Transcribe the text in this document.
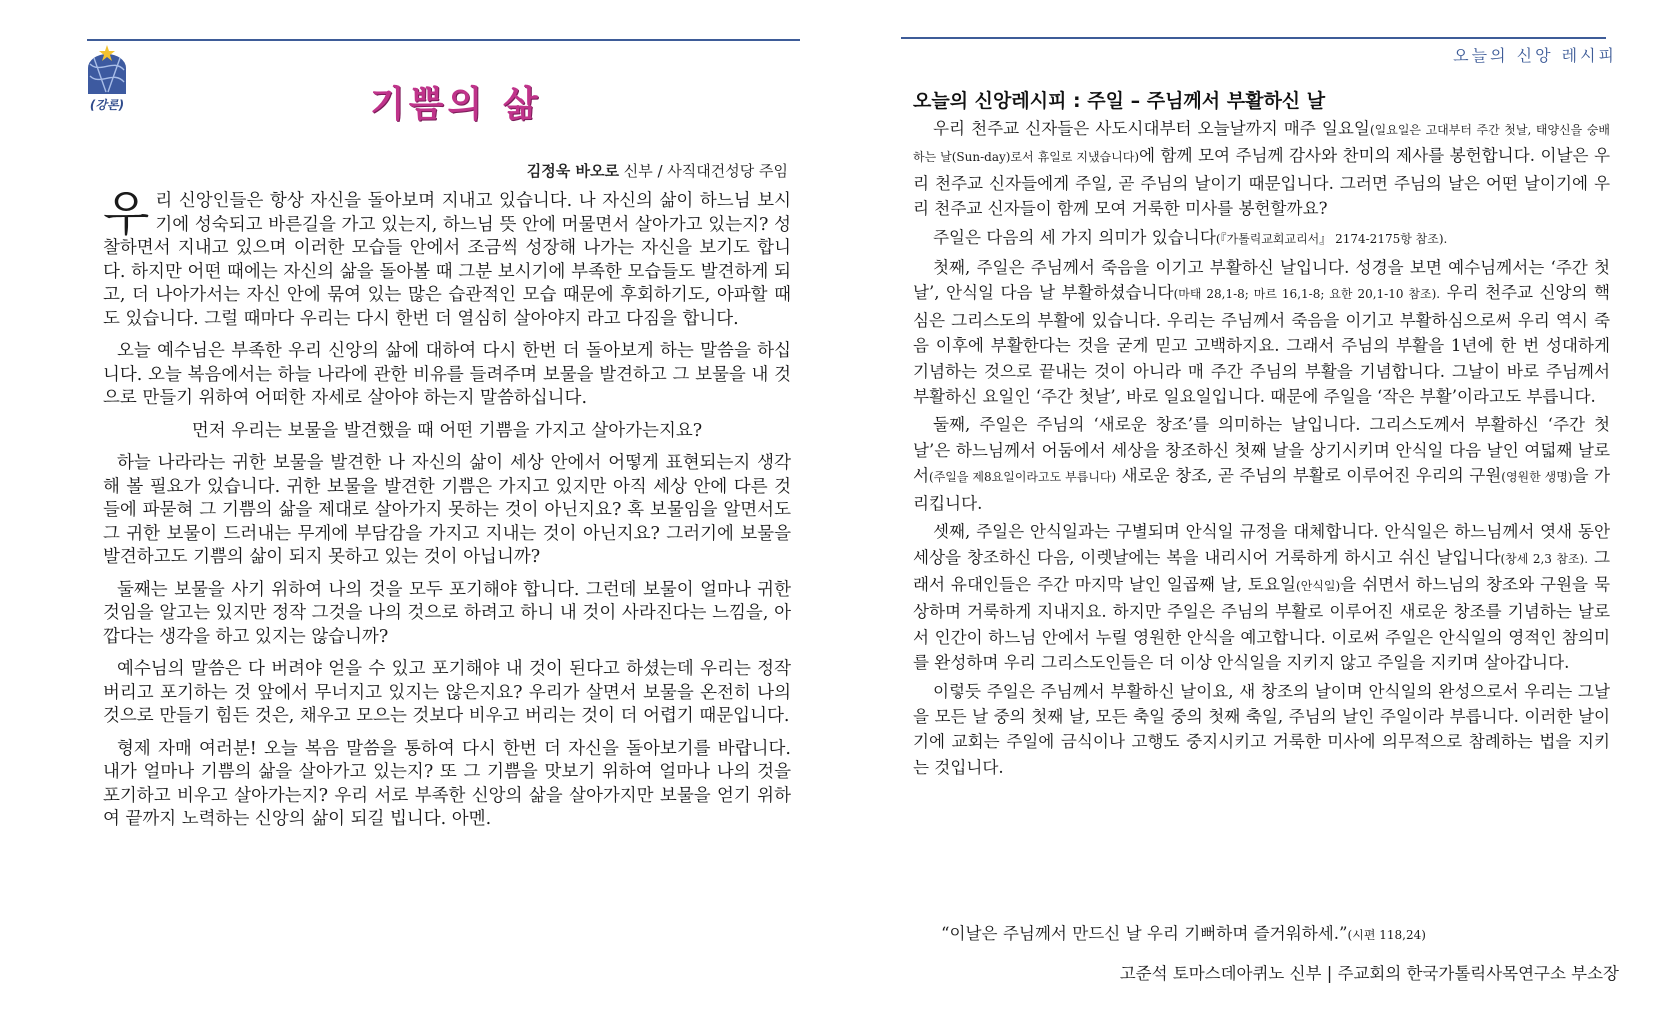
(강론)	기쁨의 삶
김정욱 바오로 신부 / 사직대건성당 주임

우리 신앙인들은 항상 자신을 돌아보며 지내고 있습니다. 나 자신의 삶이 하느님 보시기에 성숙되고 바른길을 가고 있는지, 하느님 뜻 안에 머물면서 살아가고 있는지? 성찰하면서 지내고 있으며 이러한 모습들 안에서 조금씩 성장해 나가는 자신을 보기도 합니다. 하지만 어떤 때에는 자신의 삶을 돌아볼 때 그분 보시기에 부족한 모습들도 발견하게 되고, 더 나아가서는 자신 안에 묶여 있는 많은 습관적인 모습 때문에 후회하기도, 아파할 때도 있습니다. 그럴 때마다 우리는 다시 한번 더 열심히 살아야지 라고 다짐을 합니다.

오늘 예수님은 부족한 우리 신앙의 삶에 대하여 다시 한번 더 돌아보게 하는 말씀을 하십니다. 오늘 복음에서는 하늘 나라에 관한 비유를 들려주며 보물을 발견하고 그 보물을 내 것으로 만들기 위하여 어떠한 자세로 살아야 하는지 말씀하십니다.

먼저 우리는 보물을 발견했을 때 어떤 기쁨을 가지고 살아가는지요?

하늘 나라라는 귀한 보물을 발견한 나 자신의 삶이 세상 안에서 어떻게 표현되는지 생각해 볼 필요가 있습니다. 귀한 보물을 발견한 기쁨은 가지고 있지만 아직 세상 안에 다른 것들에 파묻혀 그 기쁨의 삶을 제대로 살아가지 못하는 것이 아닌지요? 혹 보물임을 알면서도 그 귀한 보물이 드러내는 무게에 부담감을 가지고 지내는 것이 아닌지요? 그러기에 보물을 발견하고도 기쁨의 삶이 되지 못하고 있는 것이 아닙니까?

둘째는 보물을 사기 위하여 나의 것을 모두 포기해야 합니다. 그런데 보물이 얼마나 귀한 것임을 알고는 있지만 정작 그것을 나의 것으로 하려고 하니 내 것이 사라진다는 느낌을, 아깝다는 생각을 하고 있지는 않습니까?

예수님의 말씀은 다 버려야 얻을 수 있고 포기해야 내 것이 된다고 하셨는데 우리는 정작 버리고 포기하는 것 앞에서 무너지고 있지는 않은지요? 우리가 살면서 보물을 온전히 나의 것으로 만들기 힘든 것은, 채우고 모으는 것보다 비우고 버리는 것이 더 어렵기 때문입니다.

형제 자매 여러분! 오늘 복음 말씀을 통하여 다시 한번 더 자신을 돌아보기를 바랍니다. 내가 얼마나 기쁨의 삶을 살아가고 있는지? 또 그 기쁨을 맛보기 위하여 얼마나 나의 것을 포기하고 비우고 살아가는지? 우리 서로 부족한 신앙의 삶을 살아가지만 보물을 얻기 위하여 끝까지 노력하는 신앙의 삶이 되길 빕니다. 아멘.

오늘의 신앙 레시피
오늘의 신앙레시피 : 주일 – 주님께서 부활하신 날

우리 천주교 신자들은 사도시대부터 오늘날까지 매주 일요일(일요일은 고대부터 주간 첫날, 태양신을 숭배하는 날(Sun-day)로서 휴일로 지냈습니다)에 함께 모여 주님께 감사와 찬미의 제사를 봉헌합니다. 이날은 우리 천주교 신자들에게 주일, 곧 주님의 날이기 때문입니다. 그러면 주님의 날은 어떤 날이기에 우리 천주교 신자들이 함께 모여 거룩한 미사를 봉헌할까요?

주일은 다음의 세 가지 의미가 있습니다(『가톨릭교회교리서』 2174-2175항 참조).

첫째, 주일은 주님께서 죽음을 이기고 부활하신 날입니다. 성경을 보면 예수님께서는 ‘주간 첫날’, 안식일 다음 날 부활하셨습니다(마태 28,1-8; 마르 16,1-8; 요한 20,1-10 참조). 우리 천주교 신앙의 핵심은 그리스도의 부활에 있습니다. 우리는 주님께서 죽음을 이기고 부활하심으로써 우리 역시 죽음 이후에 부활한다는 것을 굳게 믿고 고백하지요. 그래서 주님의 부활을 1년에 한 번 성대하게 기념하는 것으로 끝내는 것이 아니라 매 주간 주님의 부활을 기념합니다. 그날이 바로 주님께서 부활하신 요일인 ‘주간 첫날’, 바로 일요일입니다. 때문에 주일을 ‘작은 부활’이라고도 부릅니다.

둘째, 주일은 주님의 ‘새로운 창조’를 의미하는 날입니다. 그리스도께서 부활하신 ‘주간 첫날’은 하느님께서 어둠에서 세상을 창조하신 첫째 날을 상기시키며 안식일 다음 날인 여덟째 날로서(주일을 제8요일이라고도 부릅니다) 새로운 창조, 곧 주님의 부활로 이루어진 우리의 구원(영원한 생명)을 가리킵니다.

셋째, 주일은 안식일과는 구별되며 안식일 규정을 대체합니다. 안식일은 하느님께서 엿새 동안 세상을 창조하신 다음, 이렛날에는 복을 내리시어 거룩하게 하시고 쉬신 날입니다(창세 2,3 참조). 그래서 유대인들은 주간 마지막 날인 일곱째 날, 토요일(안식일)을 쉬면서 하느님의 창조와 구원을 묵상하며 거룩하게 지내지요. 하지만 주일은 주님의 부활로 이루어진 새로운 창조를 기념하는 날로서 인간이 하느님 안에서 누릴 영원한 안식을 예고합니다. 이로써 주일은 안식일의 영적인 참의미를 완성하며 우리 그리스도인들은 더 이상 안식일을 지키지 않고 주일을 지키며 살아갑니다.

이렇듯 주일은 주님께서 부활하신 날이요, 새 창조의 날이며 안식일의 완성으로서 우리는 그날을 모든 날 중의 첫째 날, 모든 축일 중의 첫째 축일, 주님의 날인 주일이라 부릅니다. 이러한 날이기에 교회는 주일에 금식이나 고행도 중지시키고 거룩한 미사에 의무적으로 참례하는 법을 지키는 것입니다.

“이날은 주님께서 만드신 날 우리 기뻐하며 즐거워하세.”(시편 118,24)
고준석 토마스데아퀴노 신부 | 주교회의 한국가톨릭사목연구소 부소장
